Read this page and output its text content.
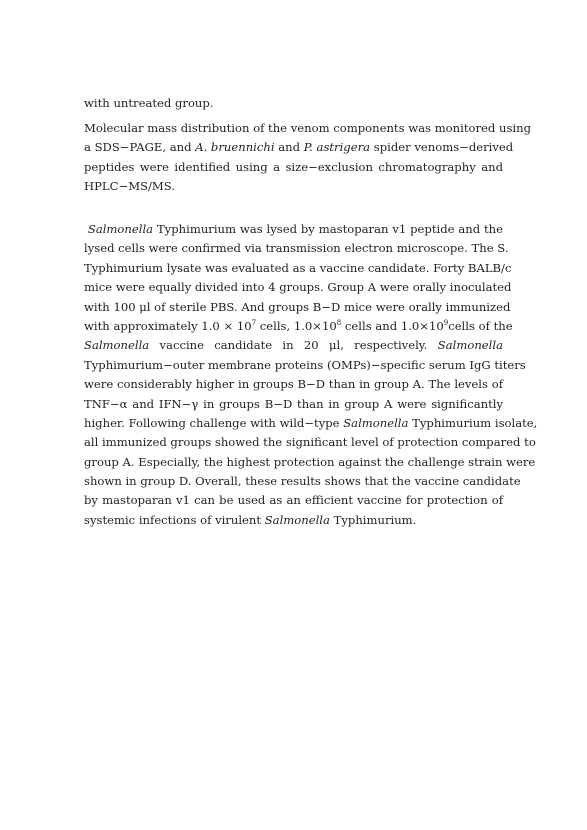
with untreated group.
Molecular mass distribution of the venom components was monitored using
a SDS−PAGE, and A. bruennichi and P. astrigera spider venoms−derived
peptides were identified using a size−exclusion chromatography and
HPLC−MS/MS.
Salmonella Typhimurium was lysed by mastoparan v1 peptide and the
lysed cells were confirmed via transmission electron microscope. The S.
Typhimurium lysate was evaluated as a vaccine candidate. Forty BALB/c
mice were equally divided into 4 groups. Group A were orally inoculated
with 100 μl of sterile PBS. And groups B−D mice were orally immunized
with approximately $1.0 \times 10^7$ cells, $1.0\times 10^8$ cells and $1.0\times 10^9cells$ of the
Salmonella vaccine candidate in 20 μl, respectively. Salmonella
Typhimurium−outer membrane proteins (OMPs)−specific serum IgG titers
were considerably higher in groups B−D than in group A. The levels of
TNF−α and IFN−γ in groups B−D than in group A were significantly
higher. Following challenge with wild−type Salmonella Typhimurium isolate,
all immunized groups showed the significant level of protection compared to
group A. Especially, the highest protection against the challenge strain were
shown in group D. Overall, these results shows that the vaccine candidate
by mastoparan v1 can be used as an efficient vaccine for protection of
systemic infections of virulent Salmonella Typhimurium.
